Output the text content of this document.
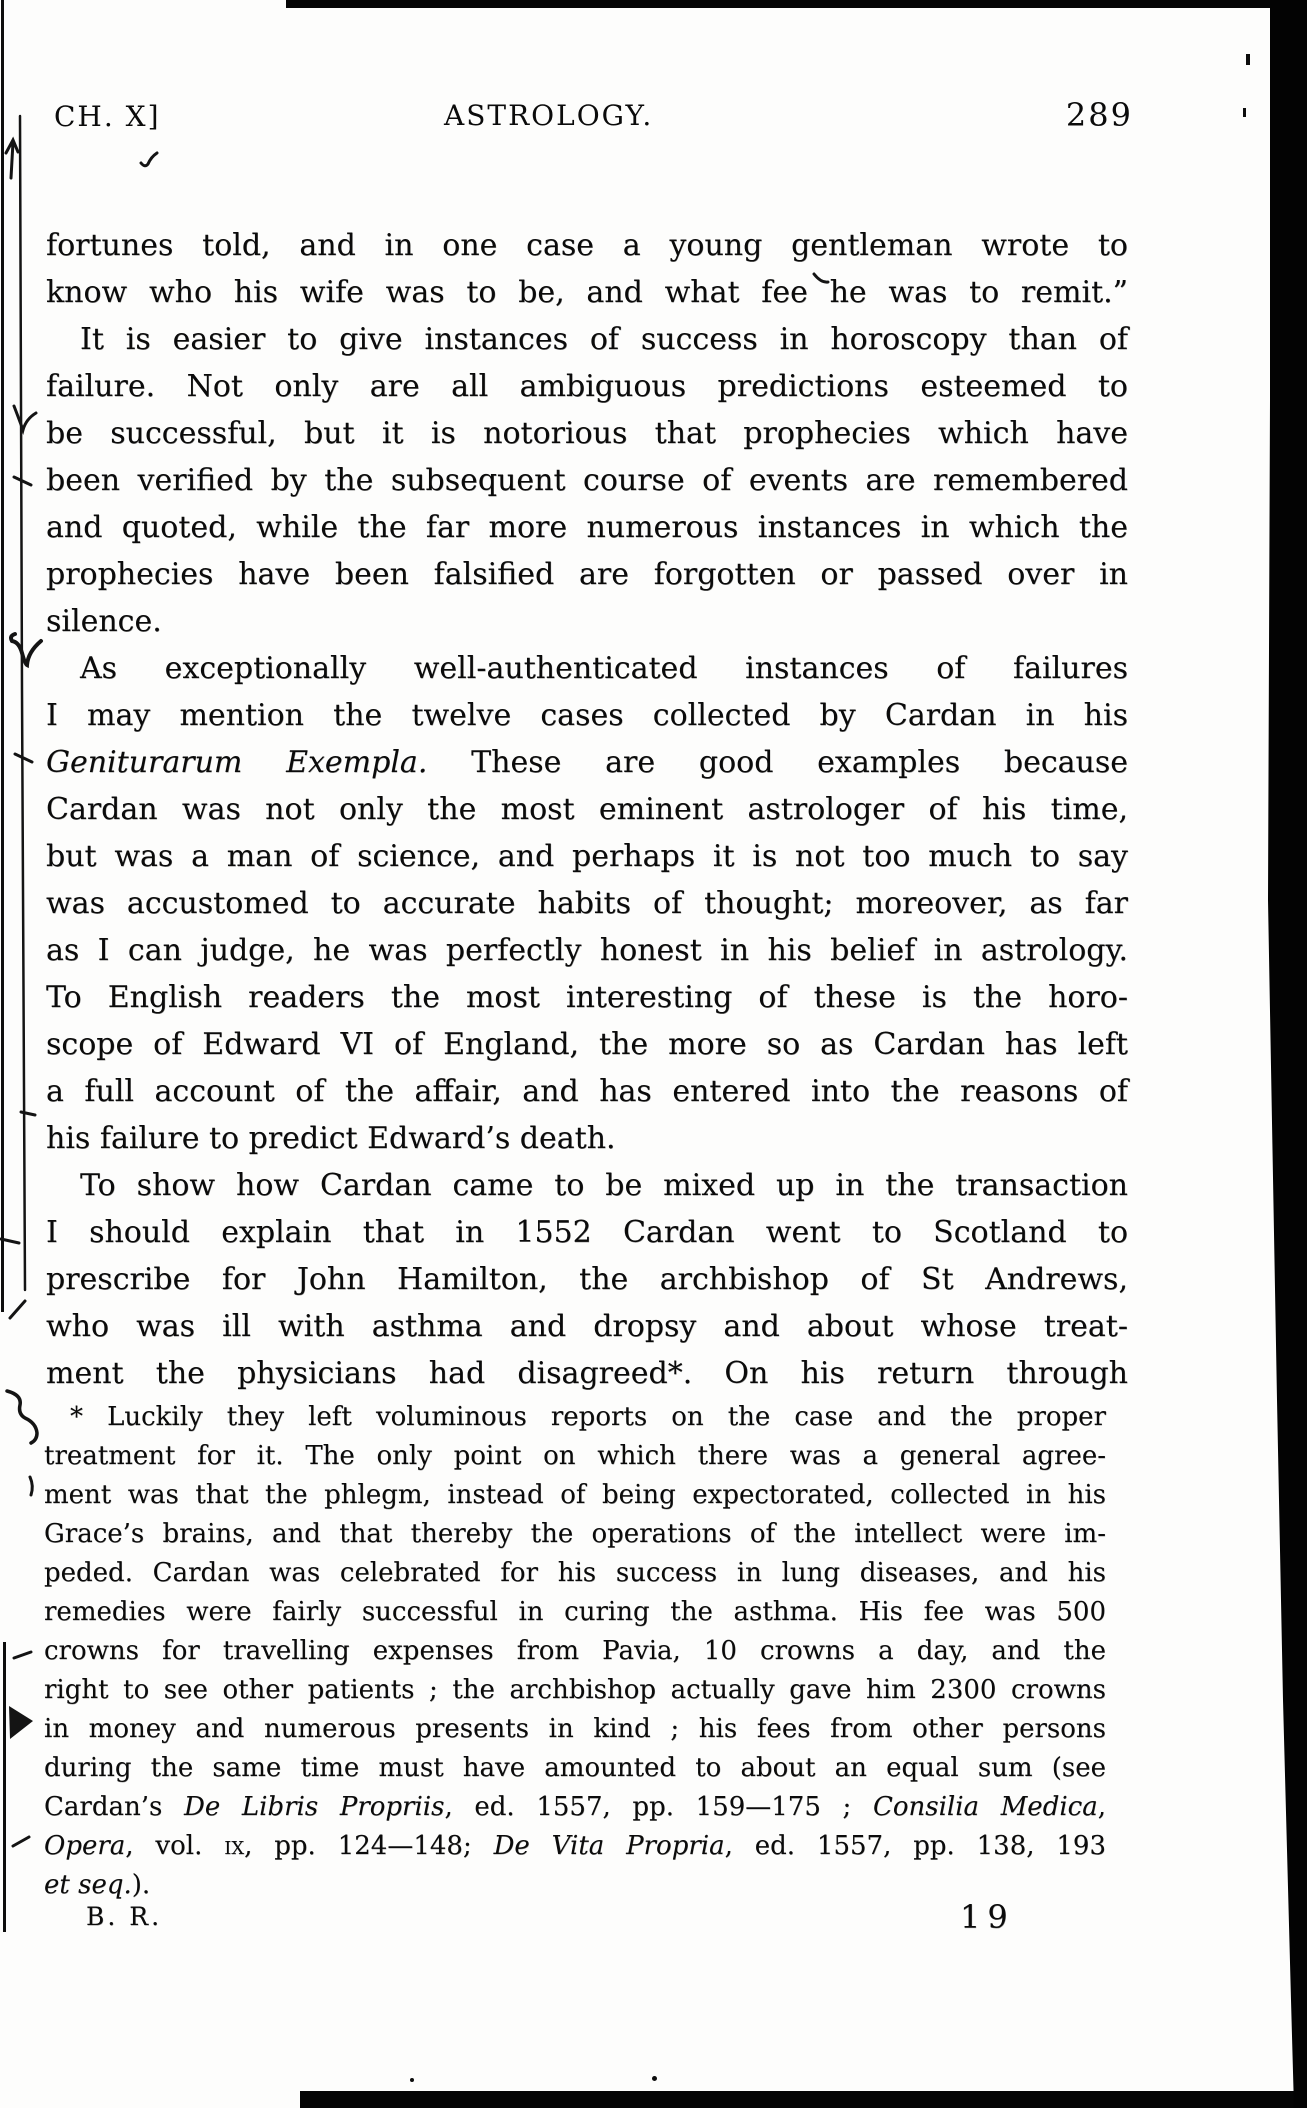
CH. X]	ASTROLOGY.	289
fortunes told, and in one case a young gentleman wrote to
know who his wife was to be, and what fee he was to remit.”
It is easier to give instances of success in horoscopy than of
failure. Not only are all ambiguous predictions esteemed to
be successful, but it is notorious that prophecies which have
been verified by the subsequent course of events are remembered
and quoted, while the far more numerous instances in which the
prophecies have been falsified are forgotten or passed over in
silence.
As exceptionally well-authenticated instances of failures
I may mention the twelve cases collected by Cardan in his
Geniturarum Exempla. These are good examples because
Cardan was not only the most eminent astrologer of his time,
but was a man of science, and perhaps it is not too much to say
was accustomed to accurate habits of thought; moreover, as far
as I can judge, he was perfectly honest in his belief in astrology.
To English readers the most interesting of these is the horo-
scope of Edward VI of England, the more so as Cardan has left
a full account of the affair, and has entered into the reasons of
his failure to predict Edward’s death.
To show how Cardan came to be mixed up in the transaction
I should explain that in 1552 Cardan went to Scotland to
prescribe for John Hamilton, the archbishop of St Andrews,
who was ill with asthma and dropsy and about whose treat-
ment the physicians had disagreed*. On his return through
* Luckily they left voluminous reports on the case and the proper
treatment for it. The only point on which there was a general agree-
ment was that the phlegm, instead of being expectorated, collected in his
Grace’s brains, and that thereby the operations of the intellect were im-
peded. Cardan was celebrated for his success in lung diseases, and his
remedies were fairly successful in curing the asthma. His fee was 500
crowns for travelling expenses from Pavia, 10 crowns a day, and the
right to see other patients ; the archbishop actually gave him 2300 crowns
in money and numerous presents in kind ; his fees from other persons
during the same time must have amounted to about an equal sum (see
Cardan’s De Libris Propriis, ed. 1557, pp. 159—175 ; Consilia Medica,
Opera, vol. ix, pp. 124—148; De Vita Propria, ed. 1557, pp. 138, 193
et seq.).
B. R.	19
